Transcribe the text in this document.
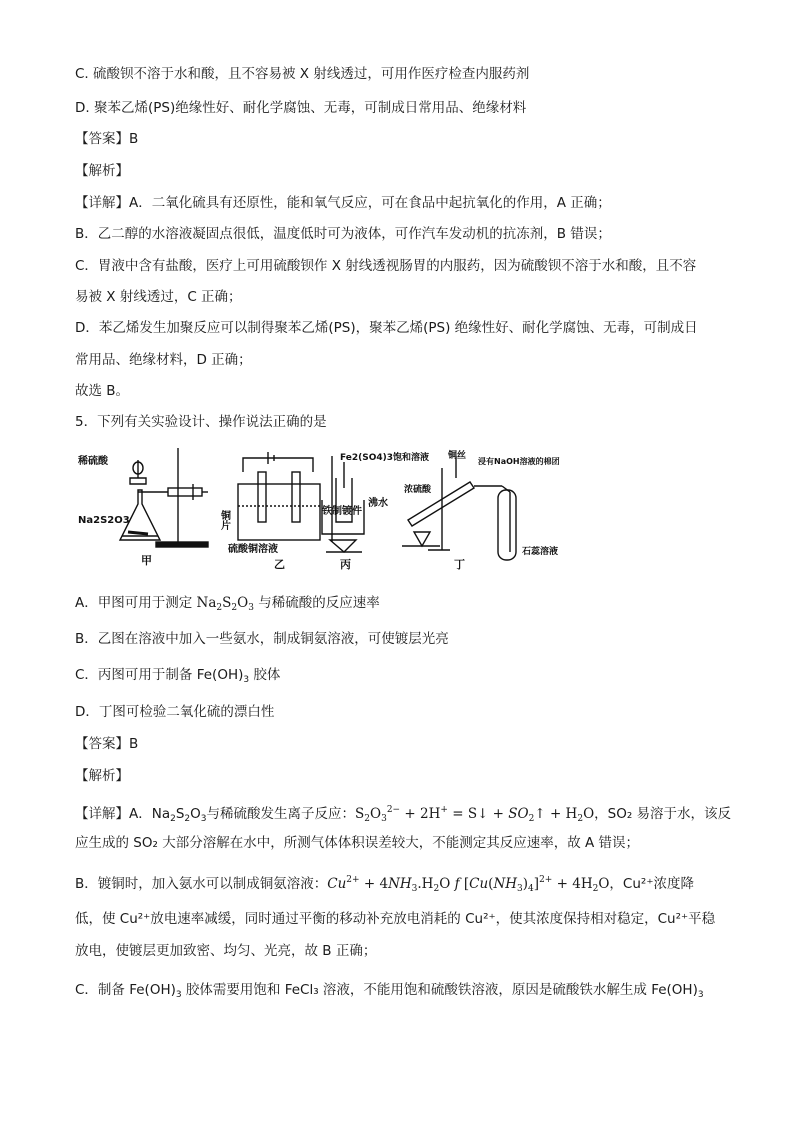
C. 硫酸钡不溶于水和酸，且不容易被 X 射线透过，可用作医疗检查内服药剂
D. 聚苯乙烯(PS)绝缘性好、耐化学腐蚀、无毒，可制成日常用品、绝缘材料
【答案】B
【解析】
【详解】A．二氧化硫具有还原性，能和氧气反应，可在食品中起抗氧化的作用，A 正确；
B．乙二醇的水溶液凝固点很低，温度低时可为液体，可作汽车发动机的抗冻剂，B 错误；
C．胃液中含有盐酸，医疗上可用硫酸钡作 X 射线透视肠胃的内服药，因为硫酸钡不溶于水和酸，且不容
易被 X 射线透过，C 正确；
D．苯乙烯发生加聚反应可以制得聚苯乙烯(PS)，聚苯乙烯(PS) 绝缘性好、耐化学腐蚀、无毒，可制成日
常用品、绝缘材料，D 正确；
故选 B。
5．下列有关实验设计、操作说法正确的是
稀硫酸
Na2S2O3
甲
铜片	铁制镀件
硫酸铜溶液
乙
Fe2(SO4)3饱和溶液
沸水
丙
铜丝
浓硫酸
浸有NaOH溶液的棉团
石蕊溶液
丁
A．甲图可用于测定 $Na_2S_2O_3$ 与稀硫酸的反应速率
B．乙图在溶液中加入一些氨水，制成铜氨溶液，可使镀层光亮
C．丙图可用于制备 $Fe(OH)_3$ 胶体
D．丁图可检验二氧化硫的漂白性
【答案】B
【解析】
【详解】A．$Na_2S_2O_3$与稀硫酸发生离子反应：$S_2O_3^{2-} + 2H^+$ = S↓ + $SO_2↑ + H_2O$，SO₂ 易溶于水，该反
应生成的 SO₂ 大部分溶解在水中，所测气体体积误差较大，不能测定其反应速率，故 A 错误；
B．镀铜时，加入氨水可以制成铜氨溶液：$Cu^{2+} + 4NH_3.H_2O$ f $[Cu(NH_3)_4]^{2+} + 4H_2O$，Cu²⁺浓度降
低，使 Cu²⁺放电速率减缓，同时通过平衡的移动补充放电消耗的 Cu²⁺，使其浓度保持相对稳定，Cu²⁺平稳
放电，使镀层更加致密、均匀、光亮，故 B 正确；
C．制备 $Fe(OH)_3$ 胶体需要用饱和 FeCl₃ 溶液，不能用饱和硫酸铁溶液，原因是硫酸铁水解生成 $Fe(OH)_3$
